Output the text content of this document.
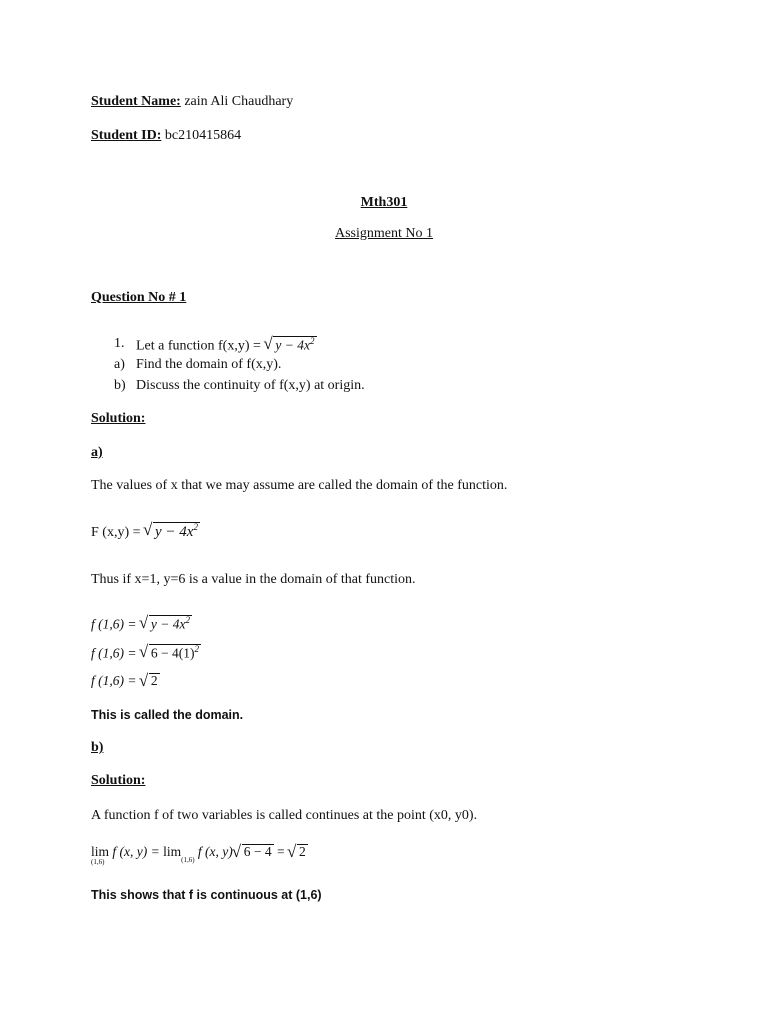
Student Name: zain Ali Chaudhary
Student ID: bc210415864
Mth301
Assignment No 1
Question No # 1
1. Let a function f(x,y) = √ $y - 4x^2$
a) Find the domain of f(x,y).
b) Discuss the continuity of f(x,y) at origin.
Solution:
a)
The values of x that we may assume are called the domain of the function.
F (x,y) = √ $y - 4x^2$
Thus if x=1, y=6 is a value in the domain of that function.
f (1,6) = √ $y - 4x^2$
f (1,6) = √ $6 - 4(1)^2$
f (1,6) = √ 2
This is called the domain.
b)
Solution:
A function f of two variables is called continues at the point (x0, y0).
lim
(1,6)
f (x, $y) = \lim_{(1,6)} f$ (x, y) √ 6 − 4 = √ 2
This shows that f is continuous at (1,6)
